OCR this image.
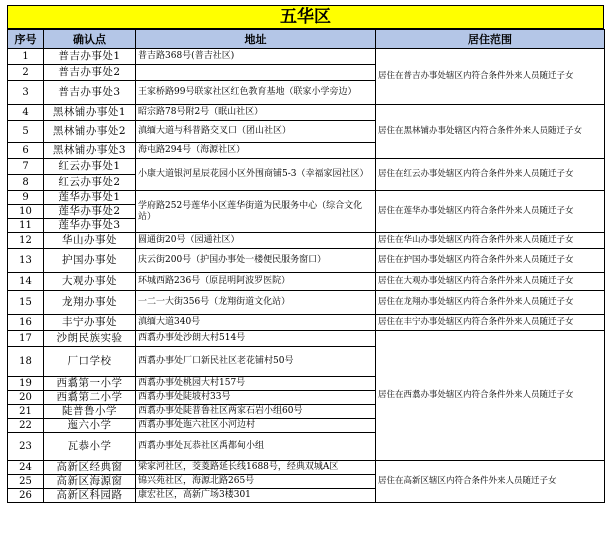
五华区
序号	确认点	地址	居住范围
1	普吉办事处1	普吉路368号(普吉社区)	居住在普吉办事处辖区内符合条件外来人员随迁子女
2	普吉办事处2		
3	普吉办事处3	王家桥路99号联家社区红色教育基地（联家小学旁边）	
4	黑林铺办事处1	昭宗路78号附2号（眠山社区）	居住在黑林铺办事处辖区内符合条件外来人员随迁子女
5	黑林铺办事处2	滇缅大道与科普路交叉口（团山社区）	
6	黑林铺办事处3	海屯路294号（海源社区）	
7	红云办事处1	小康大道银河星辰花园小区外围商铺5-3（幸福家园社区）	居住在红云办事处辖区内符合条件外来人员随迁子女
8	红云办事处2		
9	莲华办事处1	学府路252号莲华小区莲华街道为民服务中心（综合文化站）	居住在莲华办事处辖区内符合条件外来人员随迁子女
10	莲华办事处2		
11	莲华办事处3		
12	华山办事处	圆通街20号（园通社区）	居住在华山办事处辖区内符合条件外来人员随迁子女
13	护国办事处	庆云街200号（护国办事处一楼便民服务窗口）	居住在护国办事处辖区内符合条件外来人员随迁子女
14	大观办事处	环城西路236号（原昆明阿波罗医院）	居住在大观办事处辖区内符合条件外来人员随迁子女
15	龙翔办事处	一二一大街356号（龙翔街道文化站）	居住在龙翔办事处辖区内符合条件外来人员随迁子女
16	丰宁办事处	滇缅大道340号	居住在丰宁办事处辖区内符合条件外来人员随迁子女
17	沙朗民族实验	西翥办事处沙朗大村514号	居住在西翥办事处辖区内符合条件外来人员随迁子女
18	厂口学校	西翥办事处厂口新民社区老花铺村50号	
19	西翥第一小学	西翥办事处桃园大村157号	
20	西翥第二小学	西翥办事处陡坡村33号	
21	陡普鲁小学	西翥办事处陡普鲁社区两家石岩小组60号	
22	迤六小学	西翥办事处迤六社区小河边村	
23	瓦恭小学	西翥办事处瓦恭社区禹都甸小组	
24	高新区经典窗	梁家河社区，茭菱路延长线1688号，经典双城A区	居住在高新区辖区内符合条件外来人员随迁子女
25	高新区海源窗	锦兴苑社区，海源北路265号	
26	高新区科园路	康宏社区，高新广场3楼301	
